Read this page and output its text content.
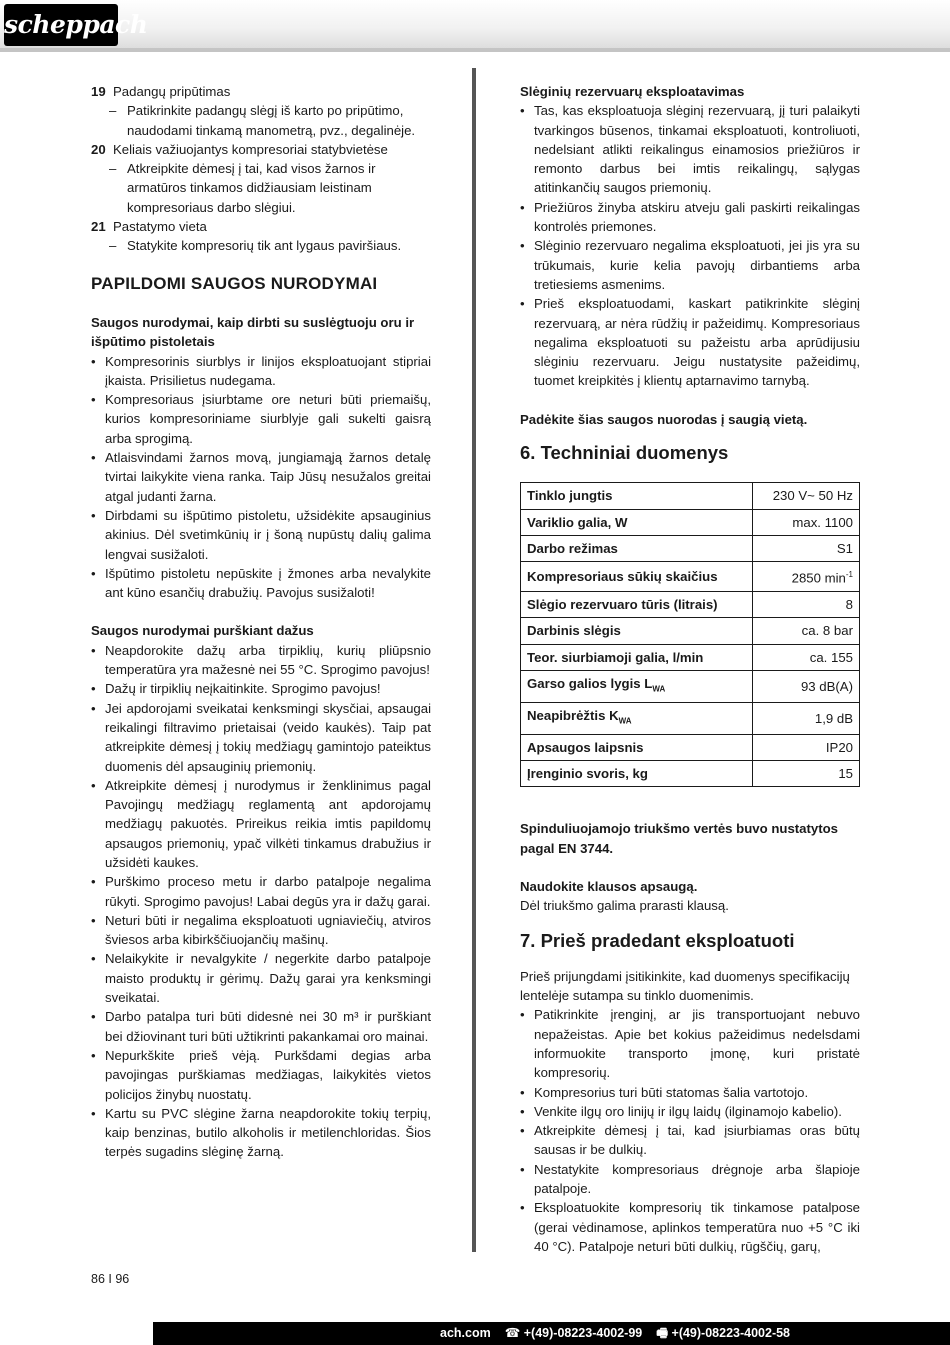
scheppach
19 Padangų pripūtimas
– Patikrinkite padangų slėgį iš karto po pripūtimo, naudodami tinkamą manometrą, pvz., degalinėje.
20 Keliais važiuojantys kompresoriai statybvietėse
– Atkreipkite dėmesį į tai, kad visos žarnos ir armatūros tinkamos didžiausiam leistinam kompresoriaus darbo slėgiui.
21 Pastatymo vieta
– Statykite kompresorių tik ant lygaus paviršiaus.
PAPILDOMI SAUGOS NURODYMAI

Saugos nurodymai, kaip dirbti su suslėgtuoju oru ir išpūtimo pistoletais

• Kompresorinis siurblys ir linijos eksploatuojant stipriai įkaista. Prisilietus nudegama.
• Kompresoriaus įsiurbtame ore neturi būti priemaišų, kurios kompresoriniame siurblyje gali sukelti gaisrą arba sprogimą.
• Atlaisvindami žarnos movą, jungiamąją žarnos detalę tvirtai laikykite viena ranka. Taip Jūsų nesužalos greitai atgal judanti žarna.
• Dirbdami su išpūtimo pistoletu, užsidėkite apsauginius akinius. Dėl svetimkūnių ir į šoną nupūstų dalių galima lengvai susižaloti.
• Išpūtimo pistoletu nepūskite į žmones arba nevalykite ant kūno esančių drabužių. Pavojus susižaloti!

Saugos nurodymai purškiant dažus

• Neapdorokite dažų arba tirpiklių, kurių pliūpsnio temperatūra yra mažesnė nei 55 °C. Sprogimo pavojus!
• Dažų ir tirpiklių neįkaitinkite. Sprogimo pavojus!
• Jei apdorojami sveikatai kenksmingi skysčiai, apsaugai reikalingi filtravimo prietaisai (veido kaukės). Taip pat atkreipkite dėmesį į tokių medžiagų gamintojo pateiktus duomenis dėl apsauginių priemonių.
• Atkreipkite dėmesį į nurodymus ir ženklinimus pagal Pavojingų medžiagų reglamentą ant apdorojamų medžiagų pakuotės. Prireikus reikia imtis papildomų apsaugos priemonių, ypač vilkėti tinkamus drabužius ir užsidėti kaukes.
• Purškimo proceso metu ir darbo patalpoje negalima rūkyti. Sprogimo pavojus! Labai degūs yra ir dažų garai.
• Neturi būti ir negalima eksploatuoti ugniaviečių, atviros šviesos arba kibirkščiuojančių mašinų.
• Nelaikykite ir nevalgykite / negerkite darbo patalpoje maisto produktų ir gėrimų. Dažų garai yra kenksmingi sveikatai.
• Darbo patalpa turi būti didesnė nei 30 m³ ir purškiant bei džiovinant turi būti užtikrinti pakankamai oro mainai.
• Nepurkškite prieš vėją. Purkšdami degias arba pavojingas purškiamas medžiagas, laikykitės vietos policijos žinybų nuostatų.
• Kartu su PVC slėgine žarna neapdorokite tokių terpių, kaip benzinas, butilo alkoholis ir metilenchloridas. Šios terpės sugadins slėginę žarną.

Slėginių rezervuarų eksploatavimas

• Tas, kas eksploatuoja slėginį rezervuarą, jį turi palaikyti tvarkingos būsenos, tinkamai eksploatuoti, kontroliuoti, nedelsiant atlikti reikalingus einamosios priežiūros ir remonto darbus bei imtis reikalingų, sąlygas atitinkančių saugos priemonių.
• Priežiūros žinyba atskiru atveju gali paskirti reikalingas kontrolės priemones.
• Slėginio rezervuaro negalima eksploatuoti, jei jis yra su trūkumais, kurie kelia pavojų dirbantiems arba tretiesiems asmenims.
• Prieš eksploatuodami, kaskart patikrinkite slėginį rezervuarą, ar nėra rūdžių ir pažeidimų. Kompresoriaus negalima eksploatuoti su pažeistu arba aprūdijusiu slėginiu rezervuaru. Jeigu nustatysite pažeidimų, tuomet kreipkitės į klientų aptarnavimo tarnybą.

Padėkite šias saugos nuorodas į saugią vietą.

6. Techniniai duomenys

Tinklo jungtis	230 V~ 50 Hz
Variklio galia, W	max. 1100
Darbo režimas	S1
Kompresoriaus sūkių skaičius	2850 $\min^{-1}$
Slėgio rezervuaro tūris (litrais)	8
Darbinis slėgis	ca. 8 bar
Teor. siurbiamoji galia, l/min	ca. 155
Garso galios lygis $L_{WA}$	93 dB(A)
Neapibrėžtis $K_{WA}$	1,9 dB
Apsaugos laipsnis	IP20
Įrenginio svoris, kg	15

Spinduliuojamojo triukšmo vertės buvo nustatytos pagal EN 3744.

Naudokite klausos apsaugą.

Dėl triukšmo galima prarasti klausą.

7. Prieš pradedant eksploatuoti

Prieš prijungdami įsitikinkite, kad duomenys specifikacijų lentelėje sutampa su tinklo duomenimis.

• Patikrinkite įrenginį, ar jis transportuojant nebuvo nepažeistas. Apie bet kokius pažeidimus nedelsdami informuokite transporto įmonę, kuri pristatė kompresorių.
• Kompresorius turi būti statomas šalia vartotojo.
• Venkite ilgų oro linijų ir ilgų laidų (ilginamojo kabelio).
• Atkreipkite dėmesį į tai, kad įsiurbiamas oras būtų sausas ir be dulkių.
• Nestatykite kompresoriaus drėgnoje arba šlapioje patalpoje.
• Eksploatuokite kompresorių tik tinkamose patalpose (gerai vėdinamose, aplinkos temperatūra nuo +5 °C iki 40 °C). Patalpoje neturi būti dulkių, rūgščių, garų,
86 I 96
ach.com ☎ +(49)-08223-4002-99 🖷 +(49)-08223-4002-58
